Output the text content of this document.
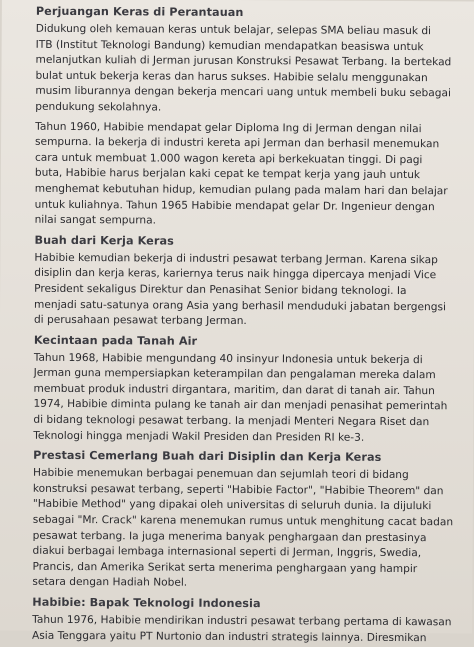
Perjuangan Keras di Perantauan
Didukung oleh kemauan keras untuk belajar, selepas SMA beliau masuk di
ITB (Institut Teknologi Bandung) kemudian mendapatkan beasiswa untuk
melanjutkan kuliah di Jerman jurusan Konstruksi Pesawat Terbang. Ia bertekad
bulat untuk bekerja keras dan harus sukses. Habibie selalu menggunakan
musim liburannya dengan bekerja mencari uang untuk membeli buku sebagai
pendukung sekolahnya.
Tahun 1960, Habibie mendapat gelar Diploma Ing di Jerman dengan nilai
sempurna. Ia bekerja di industri kereta api Jerman dan berhasil menemukan
cara untuk membuat 1.000 wagon kereta api berkekuatan tinggi. Di pagi
buta, Habibie harus berjalan kaki cepat ke tempat kerja yang jauh untuk
menghemat kebutuhan hidup, kemudian pulang pada malam hari dan belajar
untuk kuliahnya. Tahun 1965 Habibie mendapat gelar Dr. Ingenieur dengan
nilai sangat sempurna.
Buah dari Kerja Keras
Habibie kemudian bekerja di industri pesawat terbang Jerman. Karena sikap
disiplin dan kerja keras, kariernya terus naik hingga dipercaya menjadi Vice
President sekaligus Direktur dan Penasihat Senior bidang teknologi. Ia
menjadi satu-satunya orang Asia yang berhasil menduduki jabatan bergengsi
di perusahaan pesawat terbang Jerman.
Kecintaan pada Tanah Air
Tahun 1968, Habibie mengundang 40 insinyur Indonesia untuk bekerja di
Jerman guna mempersiapkan keterampilan dan pengalaman mereka dalam
membuat produk industri dirgantara, maritim, dan darat di tanah air. Tahun
1974, Habibie diminta pulang ke tanah air dan menjadi penasihat pemerintah
di bidang teknologi pesawat terbang. Ia menjadi Menteri Negara Riset dan
Teknologi hingga menjadi Wakil Presiden dan Presiden RI ke-3.
Prestasi Cemerlang Buah dari Disiplin dan Kerja Keras
Habibie menemukan berbagai penemuan dan sejumlah teori di bidang
konstruksi pesawat terbang, seperti "Habibie Factor", "Habibie Theorem" dan
"Habibie Method" yang dipakai oleh universitas di seluruh dunia. Ia dijuluki
sebagai "Mr. Crack" karena menemukan rumus untuk menghitung cacat badan
pesawat terbang. Ia juga menerima banyak penghargaan dan prestasinya
diakui berbagai lembaga internasional seperti di Jerman, Inggris, Swedia,
Prancis, dan Amerika Serikat serta menerima penghargaan yang hampir
setara dengan Hadiah Nobel.
Habibie: Bapak Teknologi Indonesia
Tahun 1976, Habibie mendirikan industri pesawat terbang pertama di kawasan
Asia Tenggara yaitu PT Nurtonio dan industri strategis lainnya. Diresmikan
